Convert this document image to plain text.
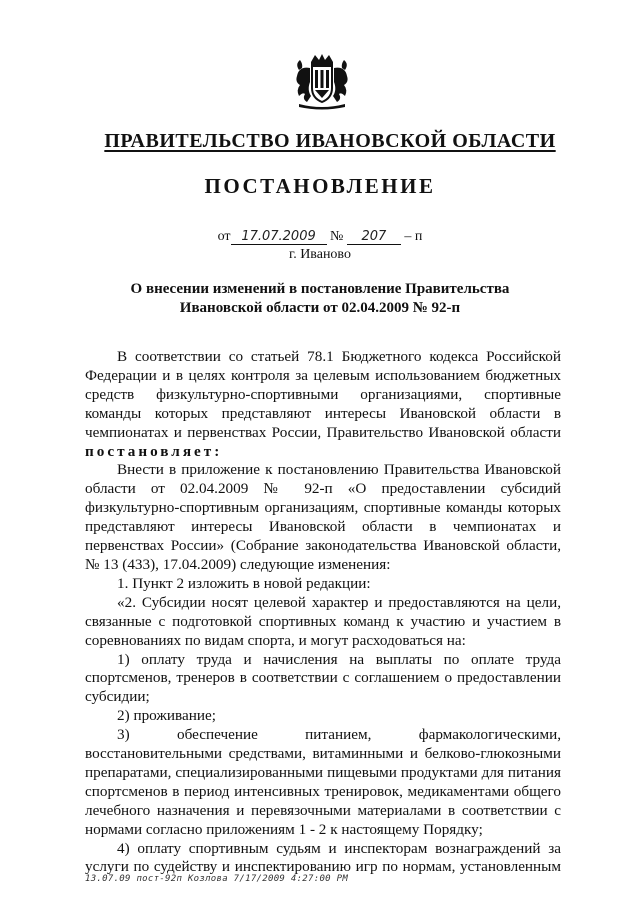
ПРАВИТЕЛЬСТВО ИВАНОВСКОЙ ОБЛАСТИ
ПОСТАНОВЛЕНИЕ
от 17.07.2009 № 207 – п
г. Иваново
О внесении изменений в постановление Правительства
Ивановской области от 02.04.2009 № 92-п

В соответствии со статьей 78.1 Бюджетного кодекса Российской Федерации и в целях контроля за целевым использованием бюджетных средств физкультурно-спортивными организациями, спортивные команды которых представляют интересы Ивановской области в чемпионатах и первенствах России, Правительство Ивановской области

постановляет:

Внести в приложение к постановлению Правительства Ивановской области от 02.04.2009 № 92-п «О предоставлении субсидий физкультурно-спортивным организациям, спортивные команды которых представляют интересы Ивановской области в чемпионатах и первенствах России» (Собрание законодательства Ивановской области, № 13 (433), 17.04.2009) следующие изменения:

1. Пункт 2 изложить в новой редакции:

«2. Субсидии носят целевой характер и предоставляются на цели, связанные с подготовкой спортивных команд к участию и участием в соревнованиях по видам спорта, и могут расходоваться на:

1) оплату труда и начисления на выплаты по оплате труда спортсменов, тренеров в соответствии с соглашением о предоставлении субсидии;

2) проживание;

3) обеспечение питанием, фармакологическими, восстановительными средствами, витаминными и белково-глюкозными препаратами, специализированными пищевыми продуктами для питания спортсменов в период интенсивных тренировок, медикаментами общего лечебного назначения и перевязочными материалами в соответствии с нормами согласно приложениям 1 - 2 к настоящему Порядку;

4) оплату спортивным судьям и инспекторам вознаграждений за услуги по судейству и инспектированию игр по нормам, установленным

13.07.09 пост-92п Козлова 7/17/2009 4:27:00 PM
